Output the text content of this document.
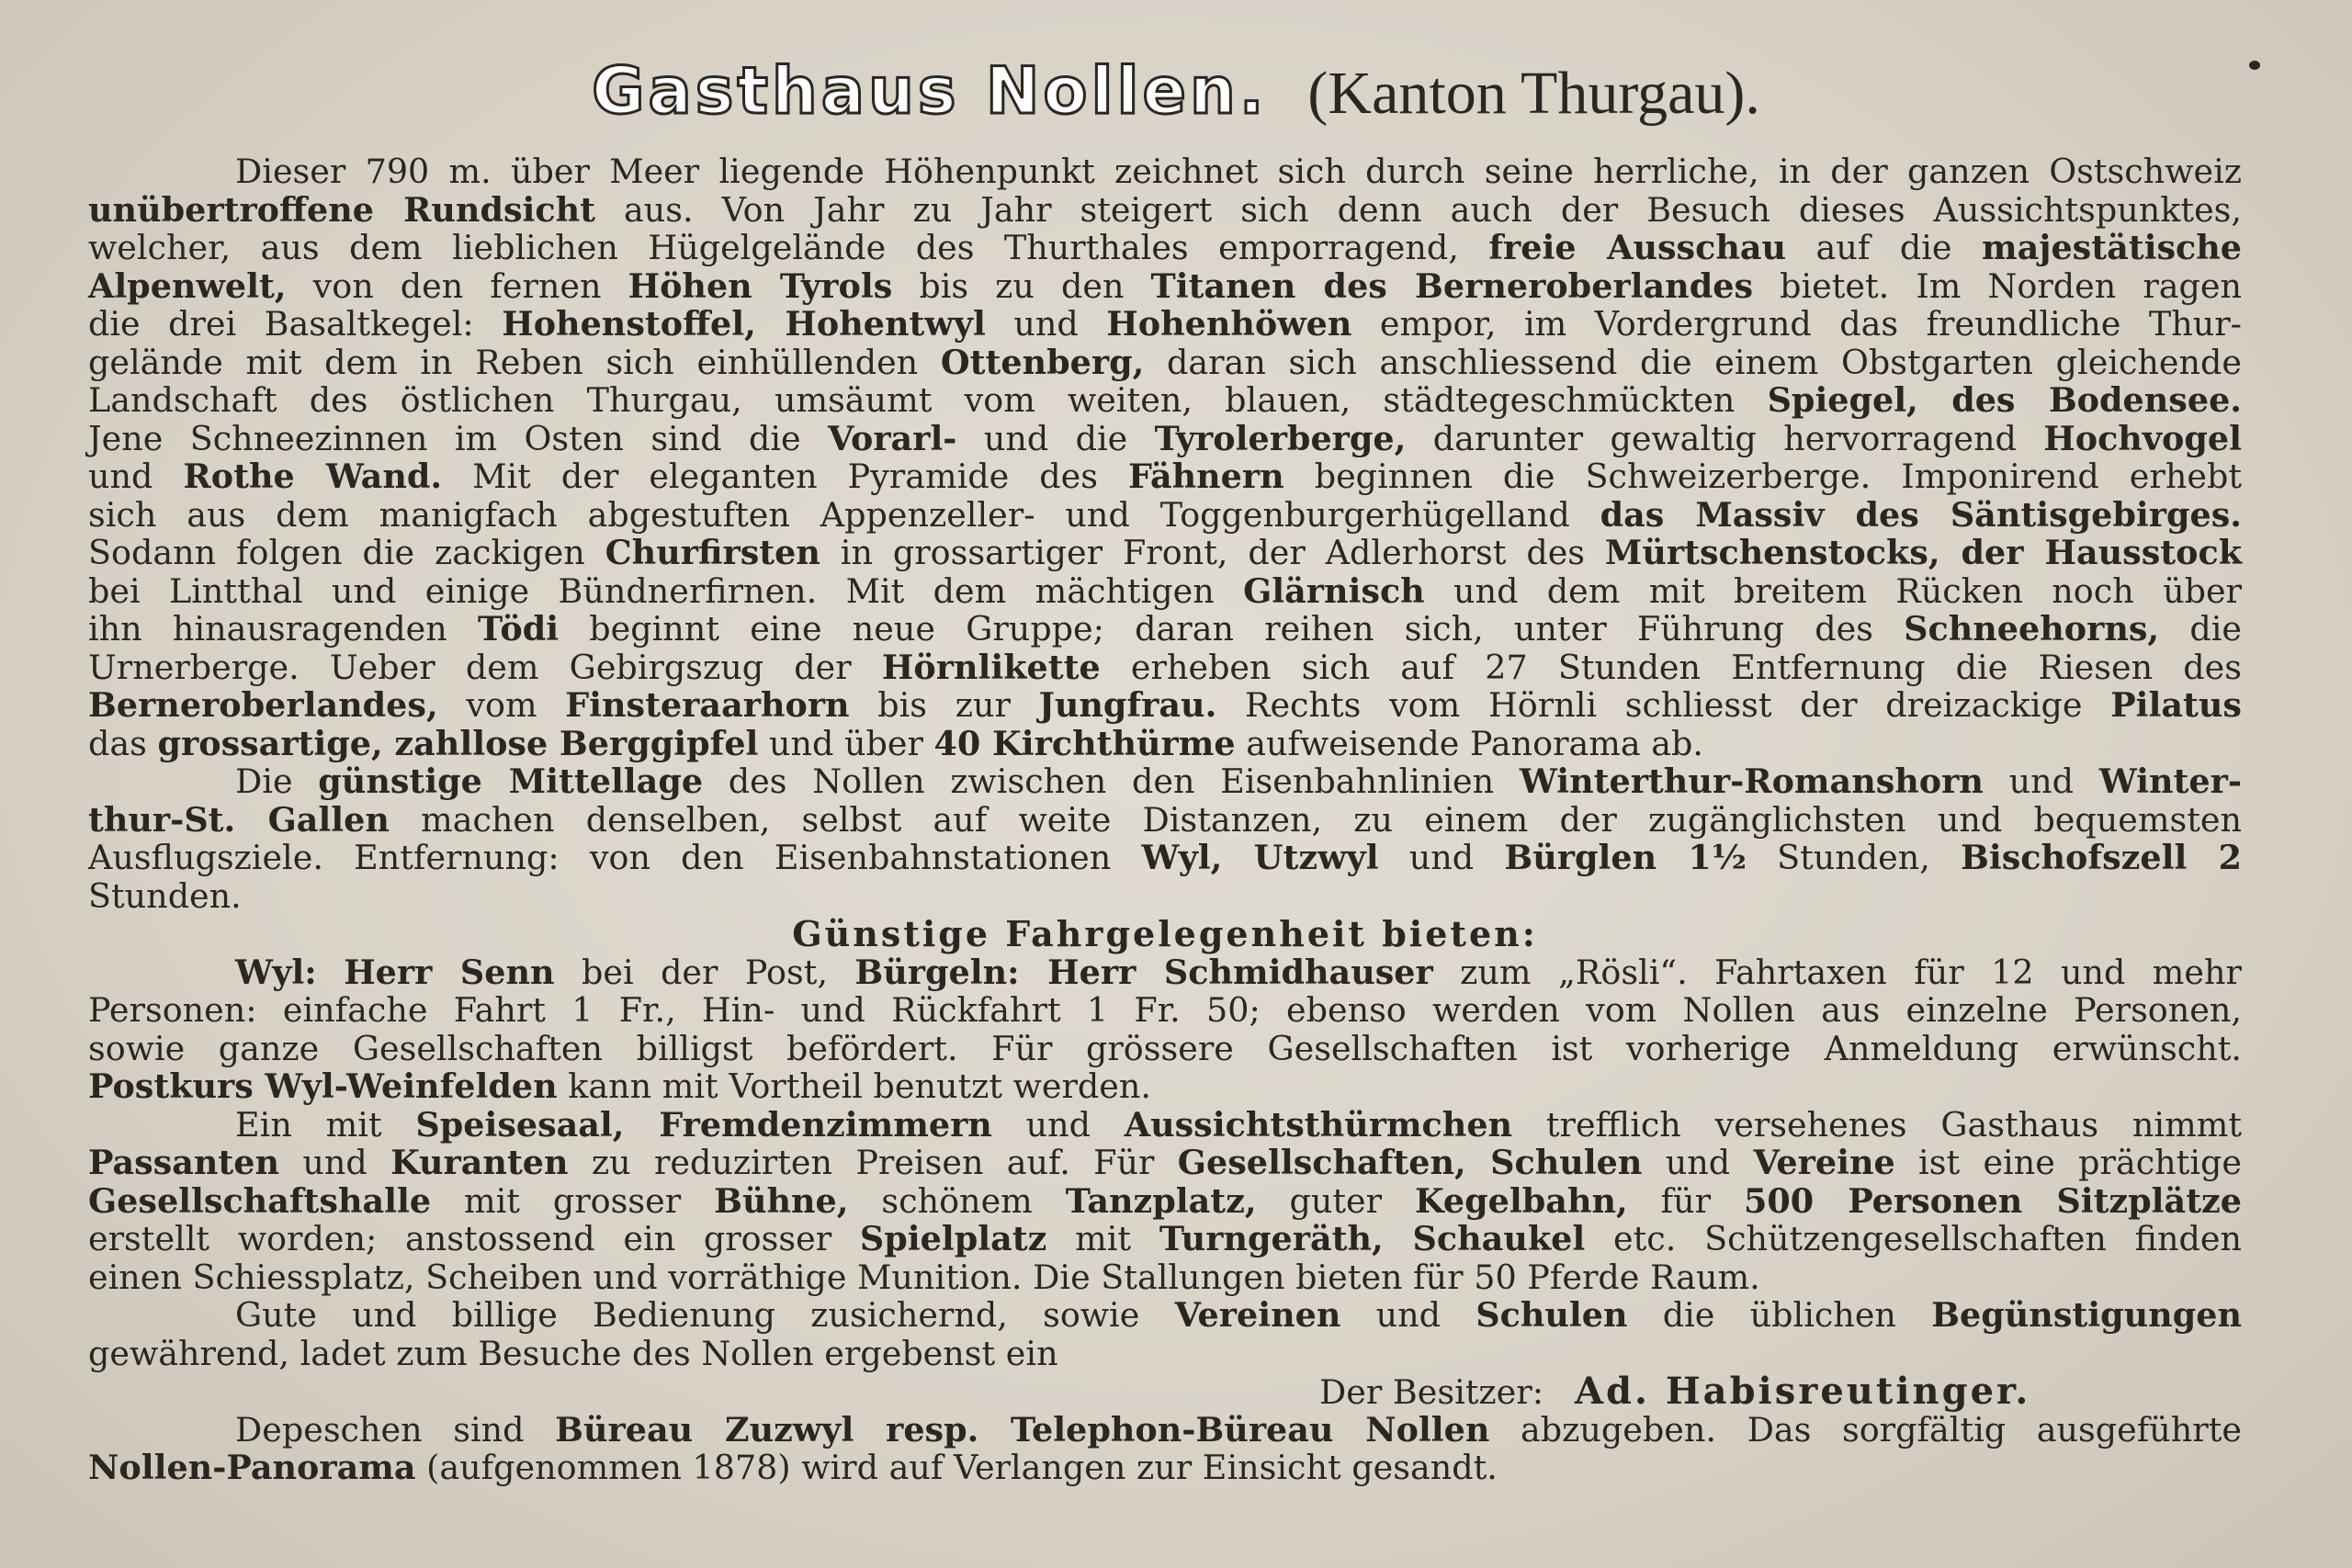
Gasthaus Nollen. (Kanton Thurgau).
Dieser 790 m. über Meer liegende Höhenpunkt zeichnet sich durch seine herrliche, in der ganzen Ostschweiz
unübertroffene Rundsicht aus. Von Jahr zu Jahr steigert sich denn auch der Besuch dieses Aussichtspunktes,
welcher, aus dem lieblichen Hügelgelände des Thurthales emporragend, freie Ausschau auf die majestätische
Alpenwelt, von den fernen Höhen Tyrols bis zu den Titanen des Berneroberlandes bietet. Im Norden ragen
die drei Basaltkegel: Hohenstoffel, Hohentwyl und Hohenhöwen empor, im Vordergrund das freundliche Thur-
gelände mit dem in Reben sich einhüllenden Ottenberg, daran sich anschliessend die einem Obstgarten gleichende
Landschaft des östlichen Thurgau, umsäumt vom weiten, blauen, städtegeschmückten Spiegel, des Bodensee.
Jene Schneezinnen im Osten sind die Vorarl- und die Tyrolerberge, darunter gewaltig hervorragend Hochvogel
und Rothe Wand. Mit der eleganten Pyramide des Fähnern beginnen die Schweizerberge. Imponirend erhebt
sich aus dem manigfach abgestuften Appenzeller- und Toggenburgerhügelland das Massiv des Säntisgebirges.
Sodann folgen die zackigen Churfirsten in grossartiger Front, der Adlerhorst des Mürtschenstocks, der Hausstock
bei Lintthal und einige Bündnerfirnen. Mit dem mächtigen Glärnisch und dem mit breitem Rücken noch über
ihn hinausragenden Tödi beginnt eine neue Gruppe; daran reihen sich, unter Führung des Schneehorns, die
Urnerberge. Ueber dem Gebirgszug der Hörnlikette erheben sich auf 27 Stunden Entfernung die Riesen des
Berneroberlandes, vom Finsteraarhorn bis zur Jungfrau. Rechts vom Hörnli schliesst der dreizackige Pilatus
das grossartige, zahllose Berggipfel und über 40 Kirchthürme aufweisende Panorama ab.
Die günstige Mittellage des Nollen zwischen den Eisenbahnlinien Winterthur-Romanshorn und Winter-
thur-St. Gallen machen denselben, selbst auf weite Distanzen, zu einem der zugänglichsten und bequemsten
Ausflugsziele. Entfernung: von den Eisenbahnstationen Wyl, Utzwyl und Bürglen 1½ Stunden, Bischofszell 2
Stunden.
Günstige Fahrgelegenheit bieten:
Wyl: Herr Senn bei der Post, Bürgeln: Herr Schmidhauser zum „Rösli“. Fahrtaxen für 12 und mehr
Personen: einfache Fahrt 1 Fr., Hin- und Rückfahrt 1 Fr. 50; ebenso werden vom Nollen aus einzelne Personen,
sowie ganze Gesellschaften billigst befördert. Für grössere Gesellschaften ist vorherige Anmeldung erwünscht.
Postkurs Wyl-Weinfelden kann mit Vortheil benutzt werden.
Ein mit Speisesaal, Fremdenzimmern und Aussichtsthürmchen trefflich versehenes Gasthaus nimmt
Passanten und Kuranten zu reduzirten Preisen auf. Für Gesellschaften, Schulen und Vereine ist eine prächtige
Gesellschaftshalle mit grosser Bühne, schönem Tanzplatz, guter Kegelbahn, für 500 Personen Sitzplätze
erstellt worden; anstossend ein grosser Spielplatz mit Turngeräth, Schaukel etc. Schützengesellschaften finden
einen Schiessplatz, Scheiben und vorräthige Munition. Die Stallungen bieten für 50 Pferde Raum.
Gute und billige Bedienung zusichernd, sowie Vereinen und Schulen die üblichen Begünstigungen
gewährend, ladet zum Besuche des Nollen ergebenst ein
Der Besitzer: Ad. Habisreutinger.
Depeschen sind Büreau Zuzwyl resp. Telephon-Büreau Nollen abzugeben. Das sorgfältig ausgeführte
Nollen-Panorama (aufgenommen 1878) wird auf Verlangen zur Einsicht gesandt.
